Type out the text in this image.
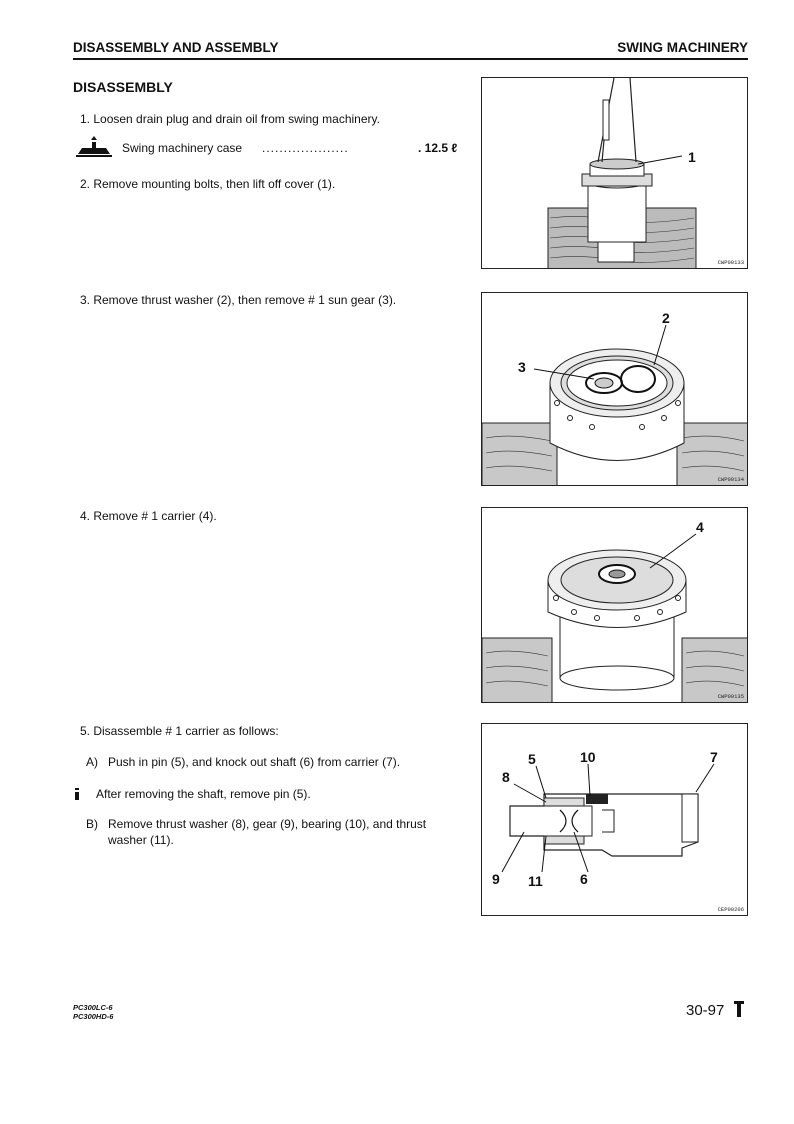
DISASSEMBLY AND ASSEMBLY	SWING MACHINERY
DISASSEMBLY
1. Loosen drain plug and drain oil from swing machinery.
Swing machinery case ....................	. 12.5 ℓ
2. Remove mounting bolts, then lift off cover (1).
3. Remove thrust washer (2), then remove # 1 sun gear (3).
4. Remove # 1 carrier (4).
5. Disassemble # 1 carrier as follows:
A) Push in pin (5), and knock out shaft (6) from carrier (7).
After removing the shaft, remove pin (5).
B) Remove thrust washer (8), gear (9), bearing (10), and thrust washer (11).
1
CWP00133
2
3
CWP00134
4
CWP00135
5	10	7
8
9 11	6
CEP00206
PC300LC-6
PC300HD-6	30-97
